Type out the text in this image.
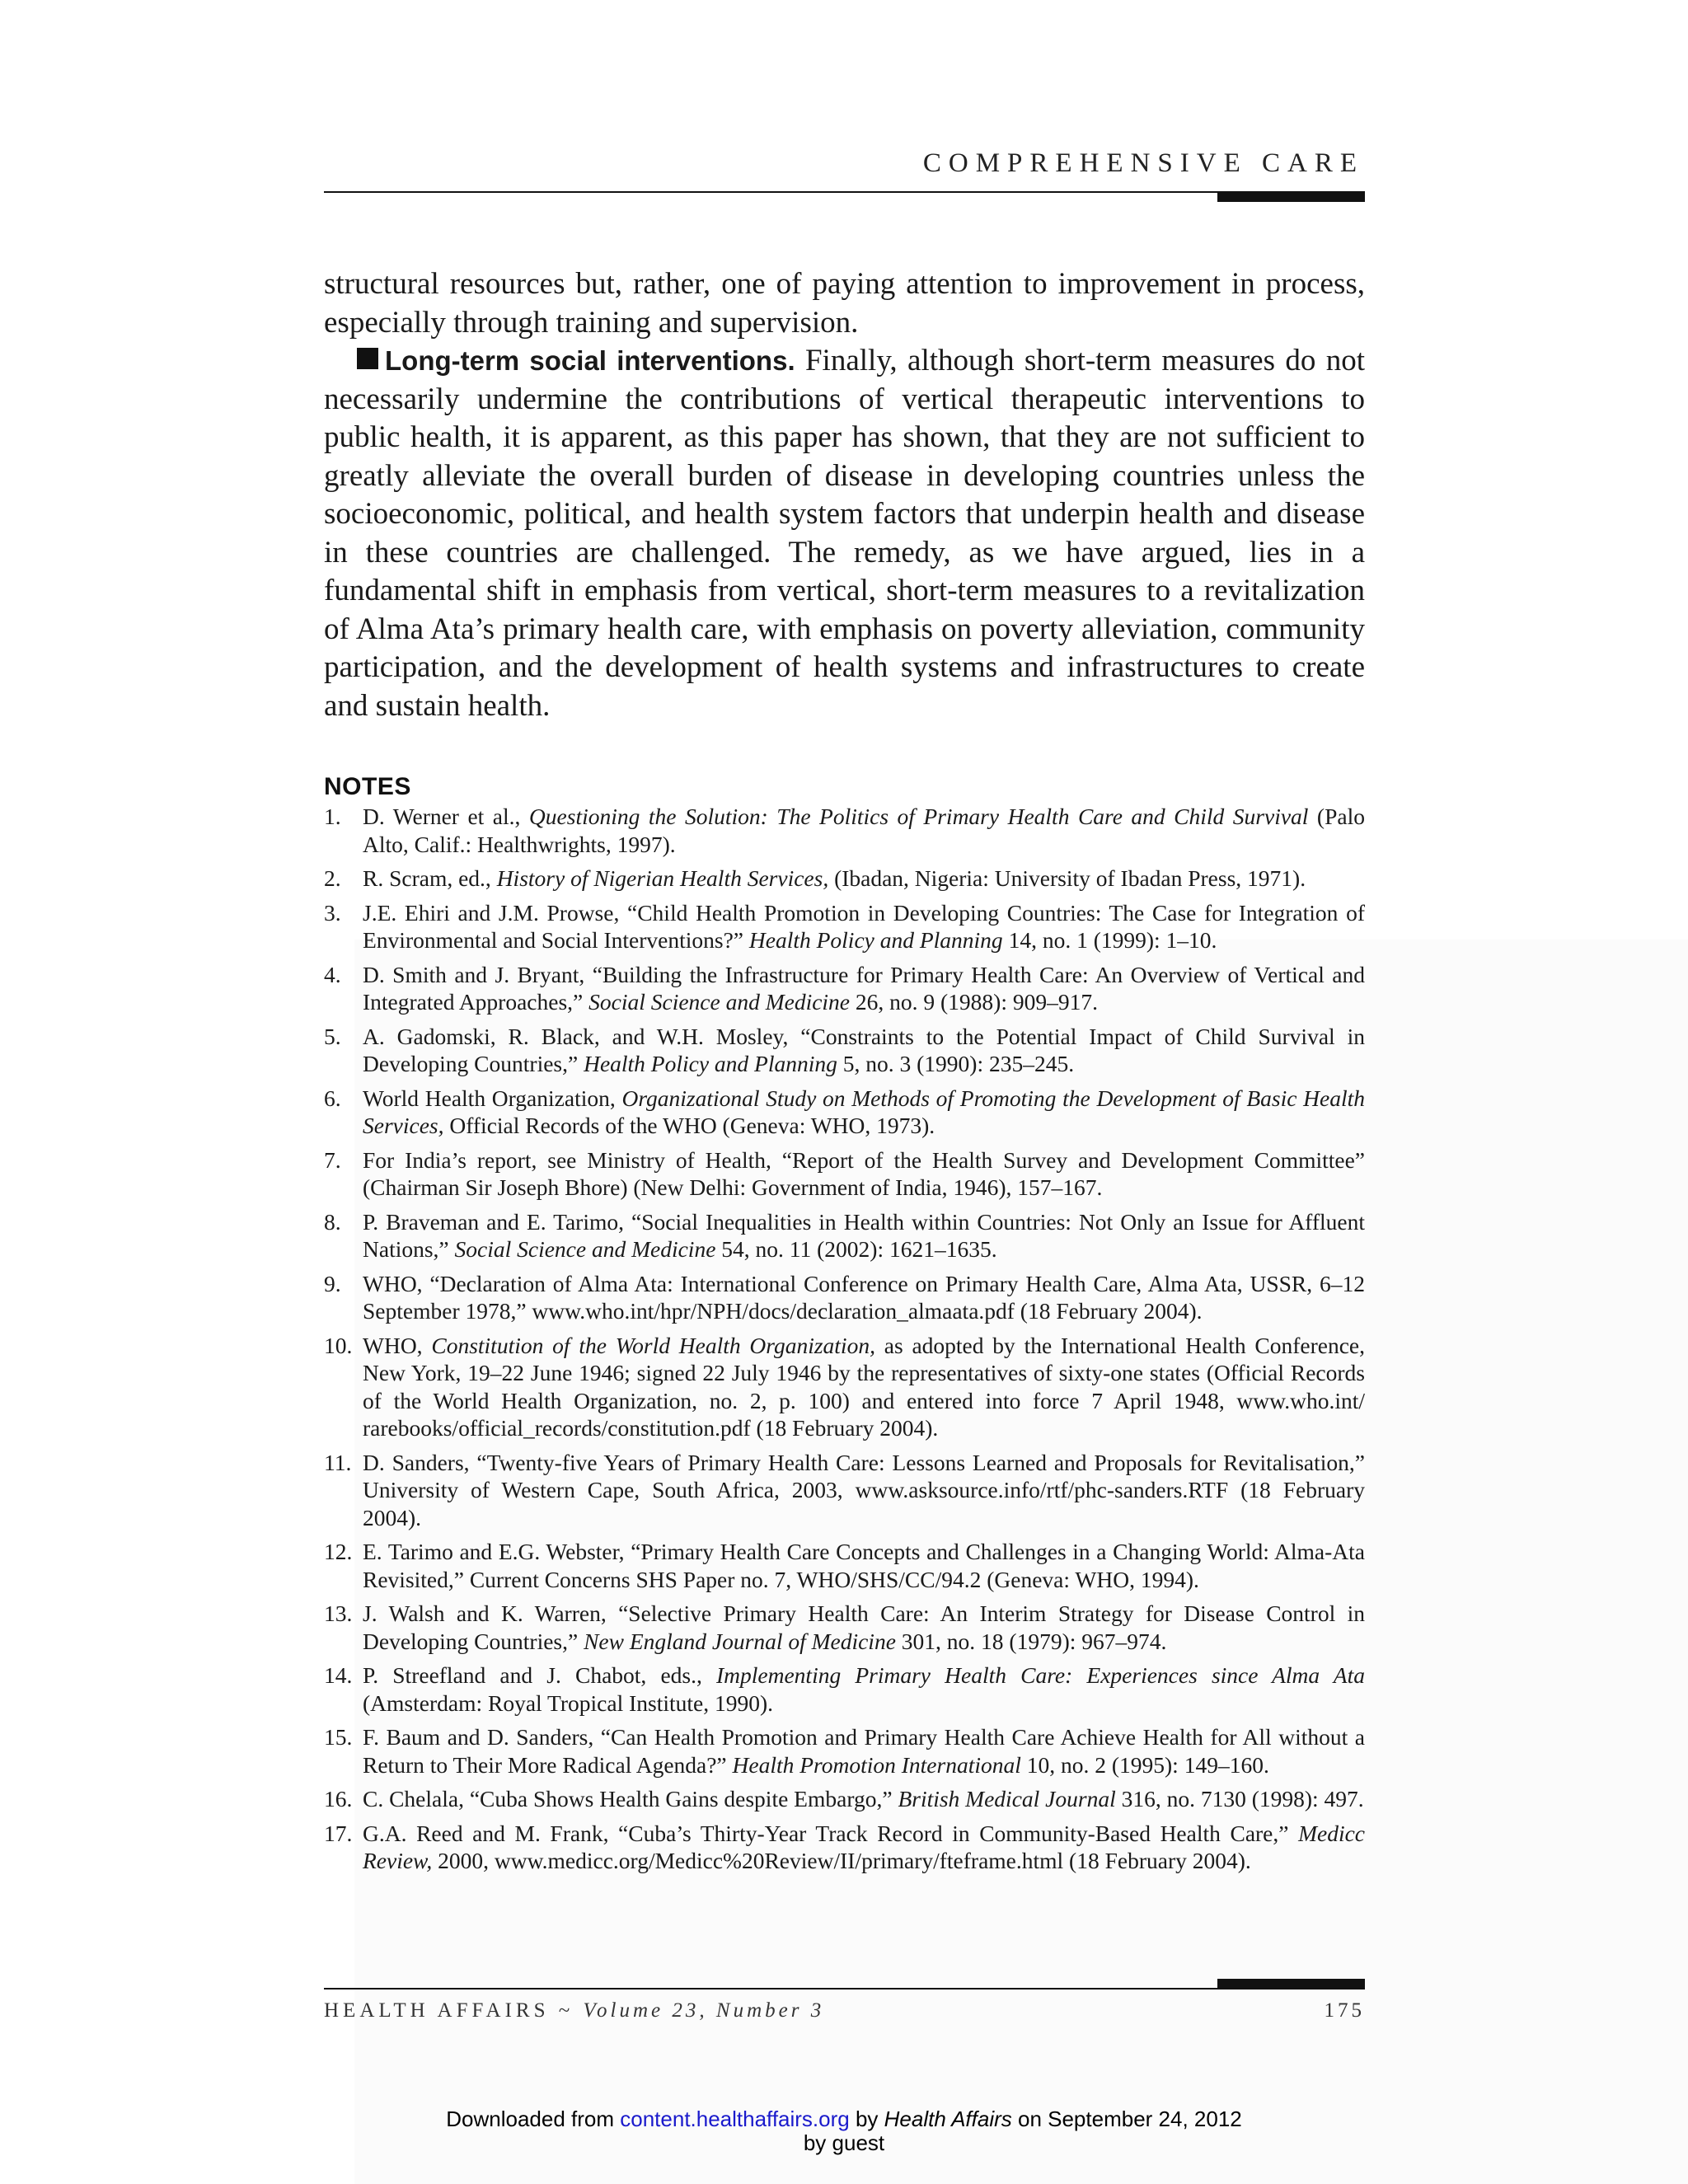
COMPREHENSIVE CARE

structural resources but, rather, one of paying attention to improvement in process, especially through training and supervision.

Long-term social interventions. Finally, although short-term measures do not necessarily undermine the contributions of vertical therapeutic interventions to public health, it is apparent, as this paper has shown, that they are not sufficient to greatly alleviate the overall burden of disease in developing countries unless the socioeconomic, political, and health system factors that underpin health and disease in these countries are challenged. The remedy, as we have argued, lies in a fundamental shift in emphasis from vertical, short-term measures to a revitalization of Alma Ata’s primary health care, with emphasis on poverty alleviation, community participation, and the development of health systems and infrastructures to create and sustain health.

NOTES
1. D. Werner et al., Questioning the Solution: The Politics of Primary Health Care and Child Survival (Palo Alto, Calif.: Healthwrights, 1997).
2. R. Scram, ed., History of Nigerian Health Services, (Ibadan, Nigeria: University of Ibadan Press, 1971).
3. J.E. Ehiri and J.M. Prowse, “Child Health Promotion in Developing Countries: The Case for Integration of Environmental and Social Interventions?” Health Policy and Planning 14, no. 1 (1999): 1–10.
4. D. Smith and J. Bryant, “Building the Infrastructure for Primary Health Care: An Overview of Vertical and Integrated Approaches,” Social Science and Medicine 26, no. 9 (1988): 909–917.
5. A. Gadomski, R. Black, and W.H. Mosley, “Constraints to the Potential Impact of Child Survival in Developing Countries,” Health Policy and Planning 5, no. 3 (1990): 235–245.
6. World Health Organization, Organizational Study on Methods of Promoting the Development of Basic Health Services, Official Records of the WHO (Geneva: WHO, 1973).
7. For India’s report, see Ministry of Health, “Report of the Health Survey and Development Committee” (Chairman Sir Joseph Bhore) (New Delhi: Government of India, 1946), 157–167.
8. P. Braveman and E. Tarimo, “Social Inequalities in Health within Countries: Not Only an Issue for Affluent Nations,” Social Science and Medicine 54, no. 11 (2002): 1621–1635.
9. WHO, “Declaration of Alma Ata: International Conference on Primary Health Care, Alma Ata, USSR, 6–12 September 1978,” www.who.int/hpr/NPH/docs/declaration_almaata.pdf (18 February 2004).
10. WHO, Constitution of the World Health Organization, as adopted by the International Health Conference, New York, 19–22 June 1946; signed 22 July 1946 by the representatives of sixty-one states (Official Records of the World Health Organization, no. 2, p. 100) and entered into force 7 April 1948, www.who.int/ rarebooks/official_records/constitution.pdf (18 February 2004).
11. D. Sanders, “Twenty-five Years of Primary Health Care: Lessons Learned and Proposals for Revitalisation,” University of Western Cape, South Africa, 2003, www.asksource.info/rtf/phc-sanders.RTF (18 February 2004).
12. E. Tarimo and E.G. Webster, “Primary Health Care Concepts and Challenges in a Changing World: Alma-Ata Revisited,” Current Concerns SHS Paper no. 7, WHO/SHS/CC/94.2 (Geneva: WHO, 1994).
13. J. Walsh and K. Warren, “Selective Primary Health Care: An Interim Strategy for Disease Control in Developing Countries,” New England Journal of Medicine 301, no. 18 (1979): 967–974.
14. P. Streefland and J. Chabot, eds., Implementing Primary Health Care: Experiences since Alma Ata (Amsterdam: Royal Tropical Institute, 1990).
15. F. Baum and D. Sanders, “Can Health Promotion and Primary Health Care Achieve Health for All without a Return to Their More Radical Agenda?” Health Promotion International 10, no. 2 (1995): 149–160.
16. C. Chelala, “Cuba Shows Health Gains despite Embargo,” British Medical Journal 316, no. 7130 (1998): 497.
17. G.A. Reed and M. Frank, “Cuba’s Thirty-Year Track Record in Community-Based Health Care,” Medicc Review, 2000, www.medicc.org/Medicc%20Review/II/primary/fteframe.html (18 February 2004).
HEALTH AFFAIRS ~ Volume 23, Number 3	175
Downloaded from content.healthaffairs.org by Health Affairs on September 24, 2012
by guest
